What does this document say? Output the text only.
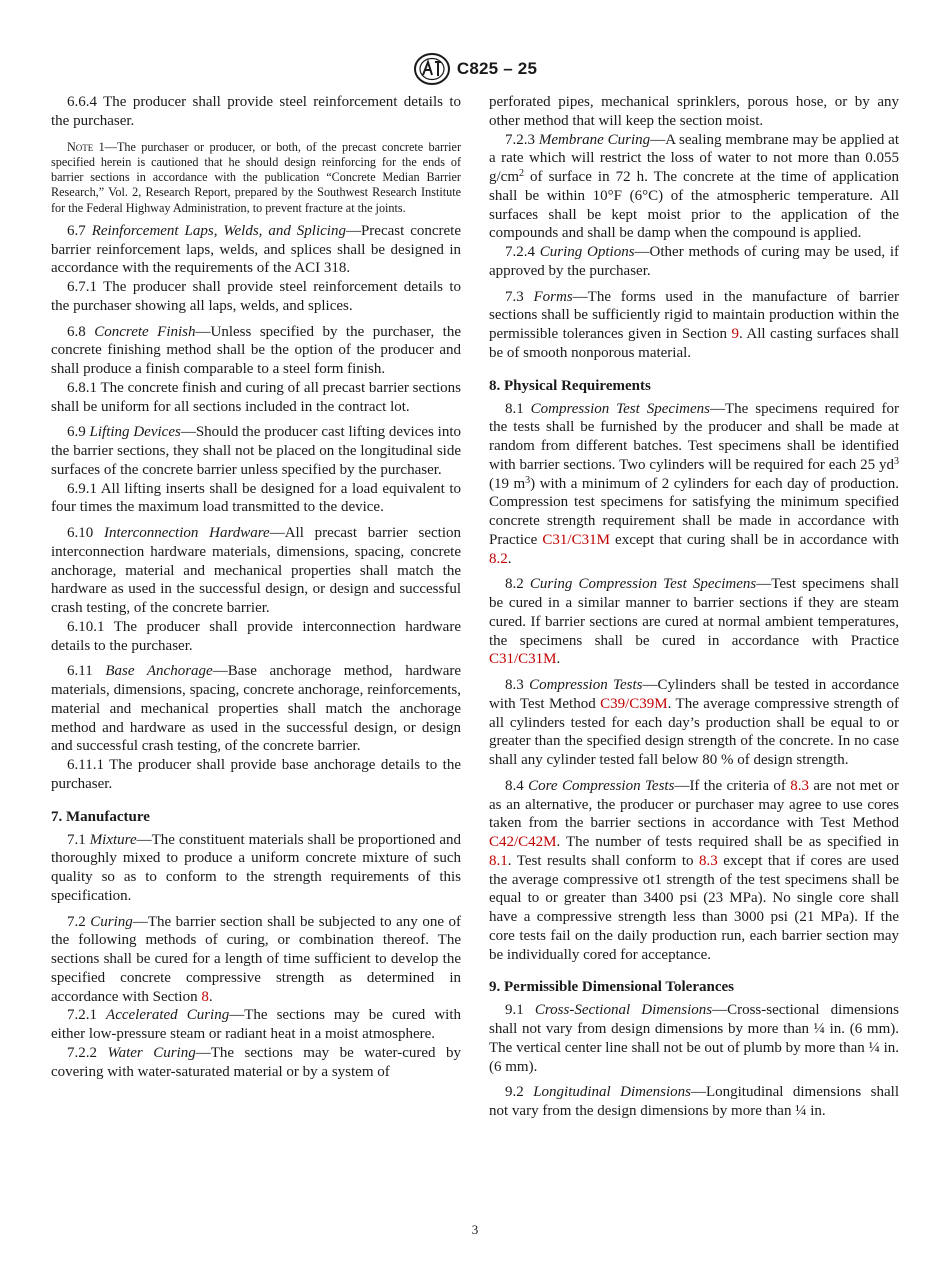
C825 – 25

6.6.4 The producer shall provide steel reinforcement details to the purchaser.

Note 1—The purchaser or producer, or both, of the precast concrete barrier specified herein is cautioned that he should design reinforcing for the ends of barrier sections in accordance with the publication “Concrete Median Barrier Research,” Vol. 2, Research Report, prepared by the Southwest Research Institute for the Federal Highway Administration, to prevent fracture at the joints.

6.7 Reinforcement Laps, Welds, and Splicing—Precast concrete barrier reinforcement laps, welds, and splices shall be designed in accordance with the requirements of the ACI 318.

6.7.1 The producer shall provide steel reinforcement details to the purchaser showing all laps, welds, and splices.

6.8 Concrete Finish—Unless specified by the purchaser, the concrete finishing method shall be the option of the producer and shall produce a finish comparable to a steel form finish.

6.8.1 The concrete finish and curing of all precast barrier sections shall be uniform for all sections included in the contract lot.

6.9 Lifting Devices—Should the producer cast lifting devices into the barrier sections, they shall not be placed on the longitudinal side surfaces of the concrete barrier unless specified by the purchaser.

6.9.1 All lifting inserts shall be designed for a load equivalent to four times the maximum load transmitted to the device.

6.10 Interconnection Hardware—All precast barrier section interconnection hardware materials, dimensions, spacing, concrete anchorage, material and mechanical properties shall match the hardware as used in the successful design, or design and successful crash testing, of the concrete barrier.

6.10.1 The producer shall provide interconnection hardware details to the purchaser.

6.11 Base Anchorage—Base anchorage method, hardware materials, dimensions, spacing, concrete anchorage, reinforcements, material and mechanical properties shall match the anchorage method and hardware as used in the successful design, or design and successful crash testing, of the concrete barrier.

6.11.1 The producer shall provide base anchorage details to the purchaser.

7. Manufacture

7.1 Mixture—The constituent materials shall be proportioned and thoroughly mixed to produce a uniform concrete mixture of such quality so as to conform to the strength requirements of this specification.

7.2 Curing—The barrier section shall be subjected to any one of the following methods of curing, or combination thereof. The sections shall be cured for a length of time sufficient to develop the specified concrete compressive strength as determined in accordance with Section 8.

7.2.1 Accelerated Curing—The sections may be cured with either low-pressure steam or radiant heat in a moist atmosphere.

7.2.2 Water Curing—The sections may be water-cured by covering with water-saturated material or by a system of

perforated pipes, mechanical sprinklers, porous hose, or by any other method that will keep the section moist.

7.2.3 Membrane Curing—A sealing membrane may be applied at a rate which will restrict the loss of water to not more than 0.055 $g/cm^2$ of surface in 72 h. The concrete at the time of application shall be within 10°F (6°C) of the atmospheric temperature. All surfaces shall be kept moist prior to the application of the compounds and shall be damp when the compound is applied.

7.2.4 Curing Options—Other methods of curing may be used, if approved by the purchaser.

7.3 Forms—The forms used in the manufacture of barrier sections shall be sufficiently rigid to maintain production within the permissible tolerances given in Section 9. All casting surfaces shall be of smooth nonporous material.

8. Physical Requirements

8.1 Compression Test Specimens—The specimens required for the tests shall be furnished by the producer and shall be made at random from different batches. Test specimens shall be identified with barrier sections. Two cylinders will be required for each 25 $yd^3$ (19 $m^3$) with a minimum of 2 cylinders for each day of production. Compression test specimens for satisfying the minimum specified concrete strength requirement shall be made in accordance with Practice C31/C31M except that curing shall be in accordance with 8.2.

8.2 Curing Compression Test Specimens—Test specimens shall be cured in a similar manner to barrier sections if they are steam cured. If barrier sections are cured at normal ambient temperatures, the specimens shall be cured in accordance with Practice C31/C31M.

8.3 Compression Tests—Cylinders shall be tested in accordance with Test Method C39/C39M. The average compressive strength of all cylinders tested for each day’s production shall be equal to or greater than the specified design strength of the concrete. In no case shall any cylinder tested fall below 80 % of design strength.

8.4 Core Compression Tests—If the criteria of 8.3 are not met or as an alternative, the producer or purchaser may agree to use cores taken from the barrier sections in accordance with Test Method C42/C42M. The number of tests required shall be as specified in 8.1. Test results shall conform to 8.3 except that if cores are used the average compressive ot1 strength of the test specimens shall be equal to or greater than 3400 psi (23 MPa). No single core shall have a compressive strength less than 3000 psi (21 MPa). If the core tests fail on the daily production run, each barrier section may be individually cored for acceptance.

9. Permissible Dimensional Tolerances

9.1 Cross-Sectional Dimensions—Cross-sectional dimensions shall not vary from design dimensions by more than ¼ in. (6 mm). The vertical center line shall not be out of plumb by more than ¼ in. (6 mm).

9.2 Longitudinal Dimensions—Longitudinal dimensions shall not vary from the design dimensions by more than ¼ in.

3
